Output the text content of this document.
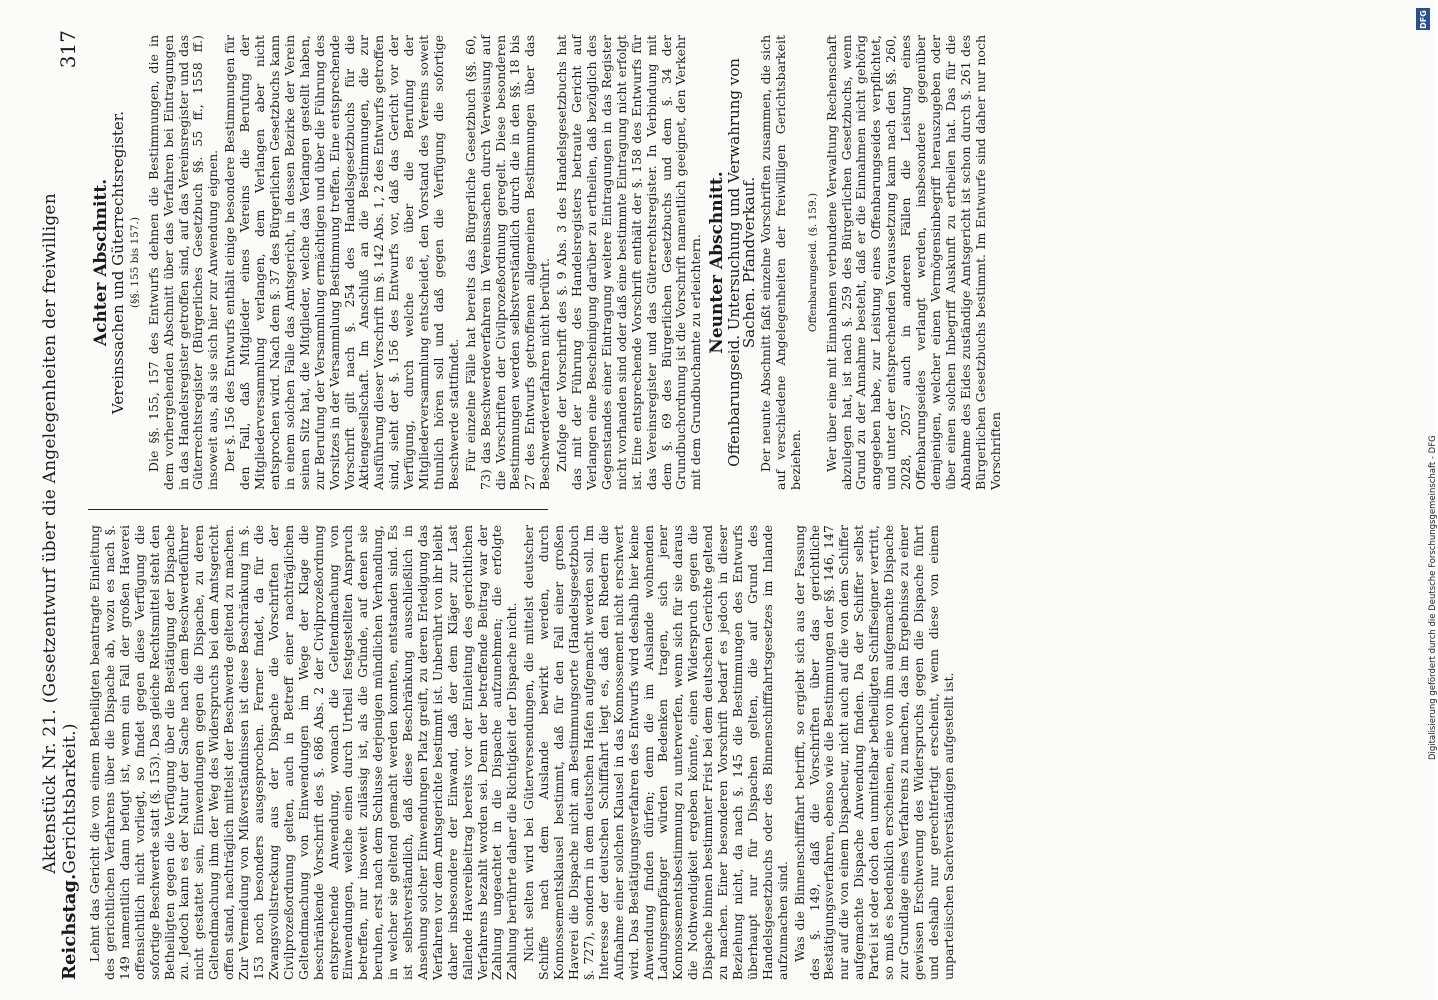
Reichstag.
Aktenstück Nr. 21. (Gesetzentwurf über die Angelegenheiten der freiwilligen Gerichtsbarkeit.)
317

Lehnt das Gericht die von einem Betheiligten beantragte Einleitung des gerichtlichen Verfahrens über die Dispache ab, wozu es nach §. 149 namentlich dann befugt ist, wenn ein Fall der großen Haverei offensichtlich nicht vorliegt, so findet gegen diese Verfügung die sofortige Beschwerde statt (§. 153). Das gleiche Rechtsmittel steht den Betheiligten gegen die Verfügung über die Bestätigung der Dispache zu. Jedoch kann es der Natur der Sache nach dem Beschwerdeführer nicht gestattet sein, Einwendungen gegen die Dispache, zu deren Geltendmachung ihm der Weg des Widerspruchs bei dem Amtsgericht offen stand, nachträglich mittelst der Beschwerde geltend zu machen. Zur Vermeidung von Mißverständnissen ist diese Beschränkung im §. 153 noch besonders ausgesprochen. Ferner findet, da für die Zwangsvollstreckung aus der Dispache die Vorschriften der Civilprozeßordnung gelten, auch in Betreff einer nachträglichen Geltendmachung von Einwendungen im Wege der Klage die beschränkende Vorschrift des §. 686 Abs. 2 der Civilprozeßordnung entsprechende Anwendung, wonach die Geltendmachung von Einwendungen, welche einen durch Urtheil festgestellten Anspruch betreffen, nur insoweit zulässig ist, als die Gründe, auf denen sie beruhen, erst nach dem Schlusse derjenigen mündlichen Verhandlung, in welcher sie geltend gemacht werden konnten, entstanden sind. Es ist selbstverständlich, daß diese Beschränkung ausschließlich in Ansehung solcher Einwendungen Platz greift, zu deren Erledigung das Verfahren vor dem Amtsgerichte bestimmt ist. Unberührt von ihr bleibt daher insbesondere der Einwand, daß der dem Kläger zur Last fallende Havereibeitrag bereits vor der Einleitung des gerichtlichen Verfahrens bezahlt worden sei. Denn der betreffende Beitrag war der Zahlung ungeachtet in die Dispache aufzunehmen; die erfolgte Zahlung berührte daher die Richtigkeit der Dispache nicht. Nicht selten wird bei Güterversendungen, die mittelst deutscher Schiffe nach dem Auslande bewirkt werden, durch Konnossementsklausel bestimmt, daß für den Fall einer großen Haverei die Dispache nicht am Bestimmungsorte (Handelsgesetzbuch §. 727), sondern in dem deutschen Hafen aufgemacht werden soll. Im Interesse der deutschen Schifffahrt liegt es, daß den Rhedern die Aufnahme einer solchen Klausel in das Konnossement nicht erschwert wird. Das Bestätigungsverfahren des Entwurfs wird deshalb hier keine Anwendung finden dürfen; denn die im Auslande wohnenden Ladungsempfänger würden Bedenken tragen, sich jener Konnossementsbestimmung zu unterwerfen, wenn sich für sie daraus die Nothwendigkeit ergeben könnte, einen Widerspruch gegen die Dispache binnen bestimmter Frist bei dem deutschen Gerichte geltend zu machen. Einer besonderen Vorschrift bedarf es jedoch in dieser Beziehung nicht, da nach §. 145 die Bestimmungen des Entwurfs überhaupt nur für Dispachen gelten, die auf Grund des Handelsgesetzbuchs oder des Binnenschifffahrtsgesetzes im Inlande aufzumachen sind. Was die Binnenschifffahrt betrifft, so ergiebt sich aus der Fassung des §. 149, daß die Vorschriften über das gerichtliche Bestätigungsverfahren, ebenso wie die Bestimmungen der §§. 146, 147 nur auf die von einem Dispacheur, nicht auch auf die von dem Schiffer aufgemachte Dispache Anwendung finden. Da der Schiffer selbst Partei ist oder doch den unmittelbar betheiligten Schiffseigner vertritt, so muß es bedenklich erscheinen, eine von ihm aufgemachte Dispache zur Grundlage eines Verfahrens zu machen, das im Ergebnisse zu einer gewissen Erschwerung des Widerspruchs gegen die Dispache führt und deshalb nur gerechtfertigt erscheint, wenn diese von einem unparteiischen Sachverständigen aufgestellt ist.

Achter Abschnitt.
Vereinssachen und Güterrechtsregister. (§§. 155 bis 157.) Die §§. 155, 157 des Entwurfs dehnen die Bestimmungen, die in dem vorhergehenden Abschnitt über das Verfahren bei Eintragungen in das Handelsregister getroffen sind, auf das Vereinsregister und das Güterrechtsregister (Bürgerliches Gesetzbuch §§. 55 ff., 1558 ff.) insoweit aus, als sie sich hier zur Anwendung eignen. Der §. 156 des Entwurfs enthält einige besondere Bestimmungen für den Fall, daß Mitglieder eines Vereins die Berufung der Mitgliederversammlung verlangen, dem Verlangen aber nicht entsprochen wird. Nach dem §. 37 des Bürgerlichen Gesetzbuchs kann in einem solchen Falle das Amtsgericht, in dessen Bezirke der Verein seinen Sitz hat, die Mitglieder, welche das Verlangen gestellt haben, zur Berufung der Versammlung ermächtigen und über die Führung des Vorsitzes in der Versammlung Bestimmung treffen. Eine entsprechende Vorschrift gilt nach §. 254 des Handelsgesetzbuchs für die Aktiengesellschaft. Im Anschluß an die Bestimmungen, die zur Ausführung dieser Vorschrift im §. 142 Abs. 1, 2 des Entwurfs getroffen sind, sieht der §. 156 des Entwurfs vor, daß das Gericht vor der Verfügung, durch welche es über die Berufung der Mitgliederversammlung entscheidet, den Vorstand des Vereins soweit thunlich hören soll und daß gegen die Verfügung die sofortige Beschwerde stattfindet. Für einzelne Fälle hat bereits das Bürgerliche Gesetzbuch (§§. 60, 73) das Beschwerdeverfahren in Vereinssachen durch Verweisung auf die Vorschriften der Civilprozeßordnung geregelt. Diese besonderen Bestimmungen werden selbstverständlich durch die in den §§. 18 bis 27 des Entwurfs getroffenen allgemeinen Bestimmungen über das Beschwerdeverfahren nicht berührt. Zufolge der Vorschrift des §. 9 Abs. 3 des Handelsgesetzbuchs hat das mit der Führung des Handelsregisters betraute Gericht auf Verlangen eine Bescheinigung darüber zu ertheilen, daß bezüglich des Gegenstandes einer Eintragung weitere Eintragungen in das Register nicht vorhanden sind oder daß eine bestimmte Eintragung nicht erfolgt ist. Eine entsprechende Vorschrift enthält der §. 158 des Entwurfs für das Vereinsregister und das Güterrechtsregister. In Verbindung mit dem §. 69 des Bürgerlichen Gesetzbuchs und dem §. 34 der Grundbuchordnung ist die Vorschrift namentlich geeignet, den Verkehr mit dem Grundbuchamte zu erleichtern. Neunter Abschnitt.
Offenbarungseid. Untersuchung und Verwahrung von Sachen. Pfandverkauf. Der neunte Abschnitt faßt einzelne Vorschriften zusammen, die sich auf verschiedene Angelegenheiten der freiwilligen Gerichtsbarkeit beziehen.

Offenbarungseid. (§. 159.) Wer über eine mit Einnahmen verbundene Verwaltung Rechenschaft abzulegen hat, ist nach §. 259 des Bürgerlichen Gesetzbuchs, wenn Grund zu der Annahme besteht, daß er die Einnahmen nicht gehörig angegeben habe, zur Leistung eines Offenbarungseides verpflichtet, und unter der entsprechenden Voraussetzung kann nach den §§. 260, 2028, 2057 auch in anderen Fällen die Leistung eines Offenbarungseides verlangt werden, insbesondere gegenüber demjenigen, welcher einen Vermögensinbegriff herauszugeben oder über einen solchen Inbegriff Auskunft zu ertheilen hat. Das für die Abnahme des Eides zuständige Amtsgericht ist schon durch §. 261 des Bürgerlichen Gesetzbuchs bestimmt. Im Entwurfe sind daher nur noch Vorschriften

DFG
Digitalisierung gefördert durch die Deutsche Forschungsgemeinschaft - DFG
